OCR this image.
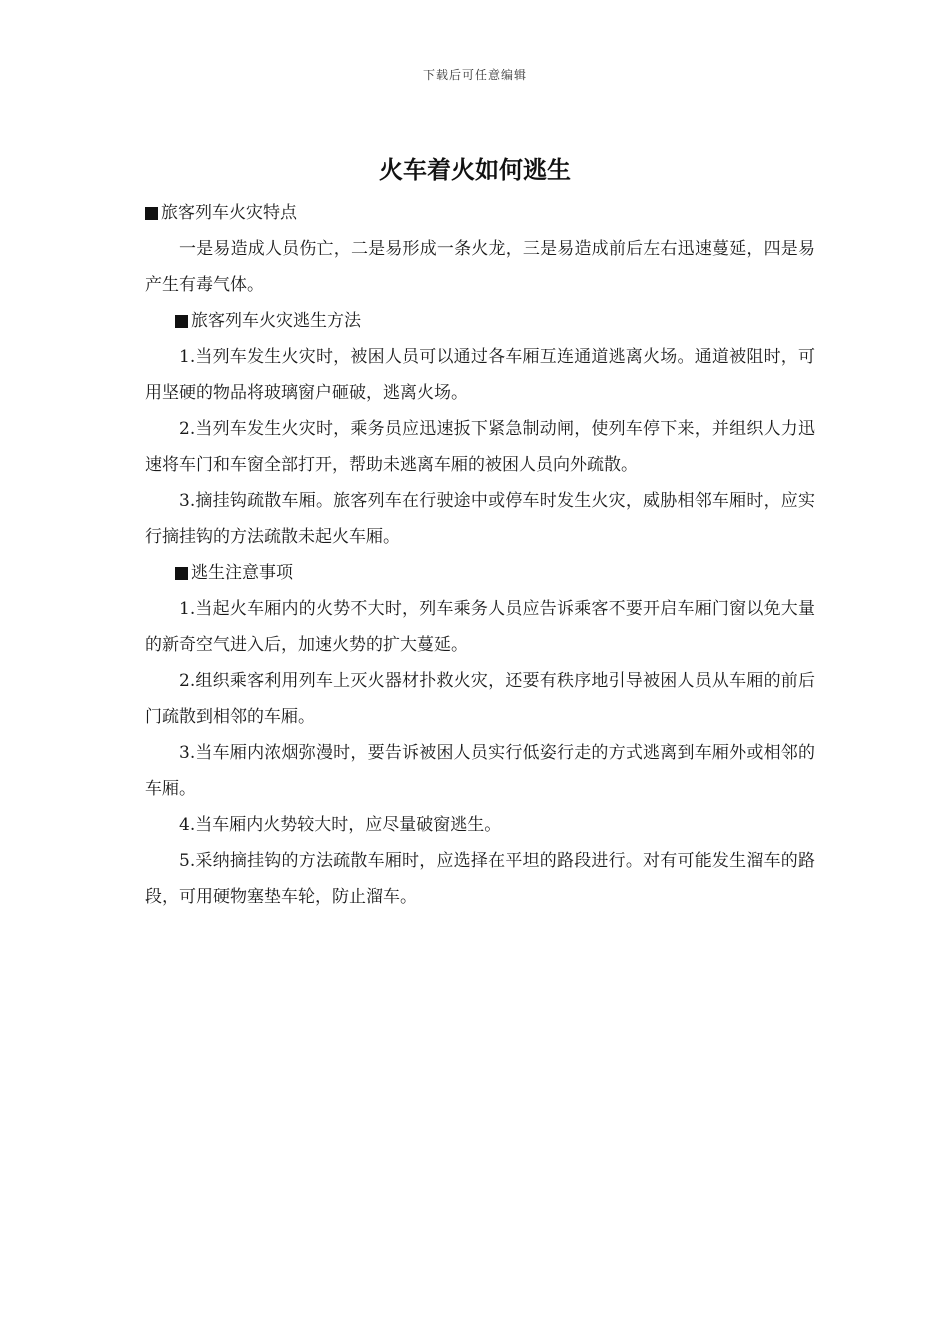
下载后可任意编辑
火车着火如何逃生
旅客列车火灾特点

一是易造成人员伤亡，二是易形成一条火龙，三是易造成前后左右迅速蔓延，四是易产生有毒气体。

旅客列车火灾逃生方法

1.当列车发生火灾时，被困人员可以通过各车厢互连通道逃离火场。通道被阻时，可用坚硬的物品将玻璃窗户砸破，逃离火场。

2.当列车发生火灾时，乘务员应迅速扳下紧急制动闸，使列车停下来，并组织人力迅速将车门和车窗全部打开，帮助未逃离车厢的被困人员向外疏散。

3.摘挂钩疏散车厢。旅客列车在行驶途中或停车时发生火灾，威胁相邻车厢时，应实行摘挂钩的方法疏散未起火车厢。

逃生注意事项

1.当起火车厢内的火势不大时，列车乘务人员应告诉乘客不要开启车厢门窗以免大量的新奇空气进入后，加速火势的扩大蔓延。

2.组织乘客利用列车上灭火器材扑救火灾，还要有秩序地引导被困人员从车厢的前后门疏散到相邻的车厢。

3.当车厢内浓烟弥漫时，要告诉被困人员实行低姿行走的方式逃离到车厢外或相邻的车厢。

4.当车厢内火势较大时，应尽量破窗逃生。

5.采纳摘挂钩的方法疏散车厢时，应选择在平坦的路段进行。对有可能发生溜车的路段，可用硬物塞垫车轮，防止溜车。
